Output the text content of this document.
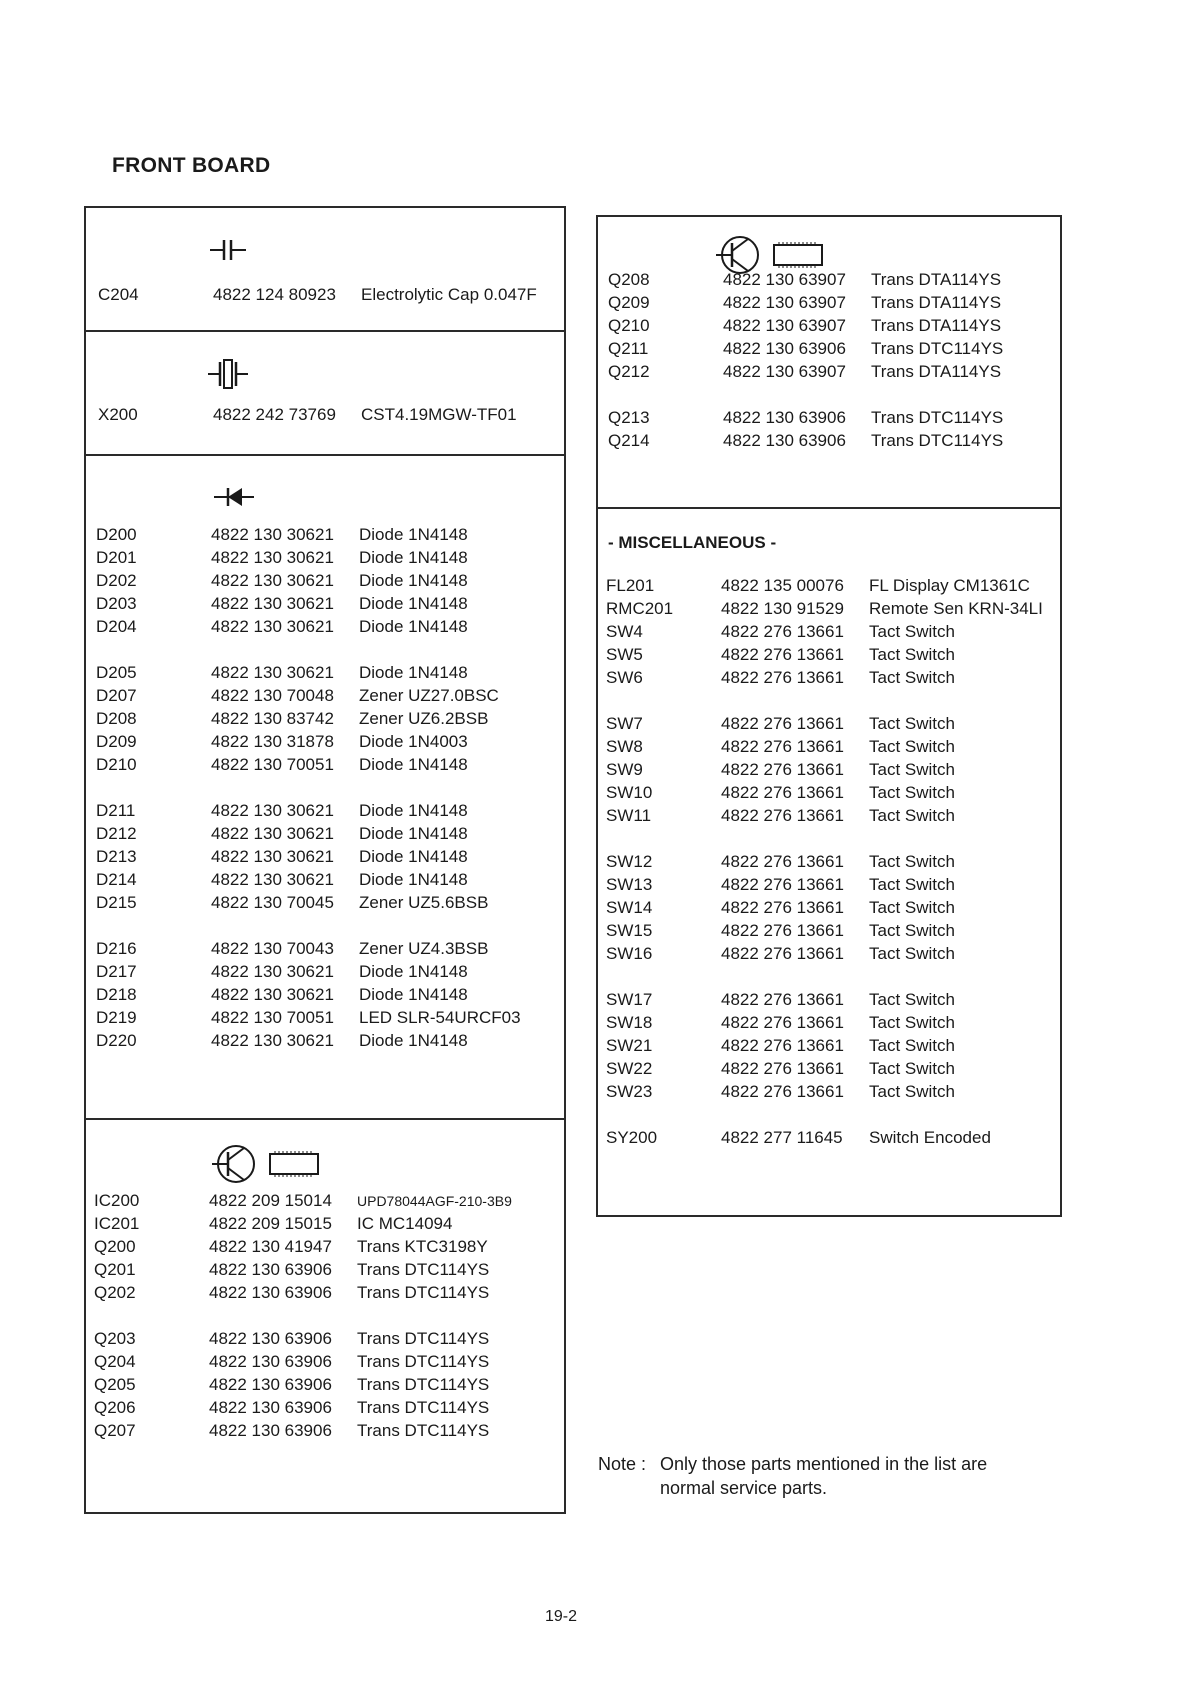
FRONT BOARD
C204	4822 124 80923	Electrolytic Cap 0.047F
X200	4822 242 73769	CST4.19MGW-TF01
D200	4822 130 30621	Diode 1N4148
D201	4822 130 30621	Diode 1N4148
D202	4822 130 30621	Diode 1N4148
D203	4822 130 30621	Diode 1N4148
D204	4822 130 30621	Diode 1N4148
D205	4822 130 30621	Diode 1N4148
D207	4822 130 70048	Zener UZ27.0BSC
D208	4822 130 83742	Zener UZ6.2BSB
D209	4822 130 31878	Diode 1N4003
D210	4822 130 70051	Diode 1N4148
D211	4822 130 30621	Diode 1N4148
D212	4822 130 30621	Diode 1N4148
D213	4822 130 30621	Diode 1N4148
D214	4822 130 30621	Diode 1N4148
D215	4822 130 70045	Zener UZ5.6BSB
D216	4822 130 70043	Zener UZ4.3BSB
D217	4822 130 30621	Diode 1N4148
D218	4822 130 30621	Diode 1N4148
D219	4822 130 70051	LED SLR-54URCF03
D220	4822 130 30621	Diode 1N4148
IC200	4822 209 15014	UPD78044AGF-210-3B9
IC201	4822 209 15015	IC MC14094
Q200	4822 130 41947	Trans KTC3198Y
Q201	4822 130 63906	Trans DTC114YS
Q202	4822 130 63906	Trans DTC114YS
Q203	4822 130 63906	Trans DTC114YS
Q204	4822 130 63906	Trans DTC114YS
Q205	4822 130 63906	Trans DTC114YS
Q206	4822 130 63906	Trans DTC114YS
Q207	4822 130 63906	Trans DTC114YS
Q208	4822 130 63907	Trans DTA114YS
Q209	4822 130 63907	Trans DTA114YS
Q210	4822 130 63907	Trans DTA114YS
Q211	4822 130 63906	Trans DTC114YS
Q212	4822 130 63907	Trans DTA114YS
Q213	4822 130 63906	Trans DTC114YS
Q214	4822 130 63906	Trans DTC114YS
- MISCELLANEOUS -
FL201	4822 135 00076	FL Display CM1361C
RMC201	4822 130 91529	Remote Sen KRN-34LI
SW4	4822 276 13661	Tact Switch
SW5	4822 276 13661	Tact Switch
SW6	4822 276 13661	Tact Switch
SW7	4822 276 13661	Tact Switch
SW8	4822 276 13661	Tact Switch
SW9	4822 276 13661	Tact Switch
SW10	4822 276 13661	Tact Switch
SW11	4822 276 13661	Tact Switch
SW12	4822 276 13661	Tact Switch
SW13	4822 276 13661	Tact Switch
SW14	4822 276 13661	Tact Switch
SW15	4822 276 13661	Tact Switch
SW16	4822 276 13661	Tact Switch
SW17	4822 276 13661	Tact Switch
SW18	4822 276 13661	Tact Switch
SW21	4822 276 13661	Tact Switch
SW22	4822 276 13661	Tact Switch
SW23	4822 276 13661	Tact Switch
SY200	4822 277 11645	Switch Encoded
Note : Only those parts mentioned in the list are
normal service parts.
19-2
